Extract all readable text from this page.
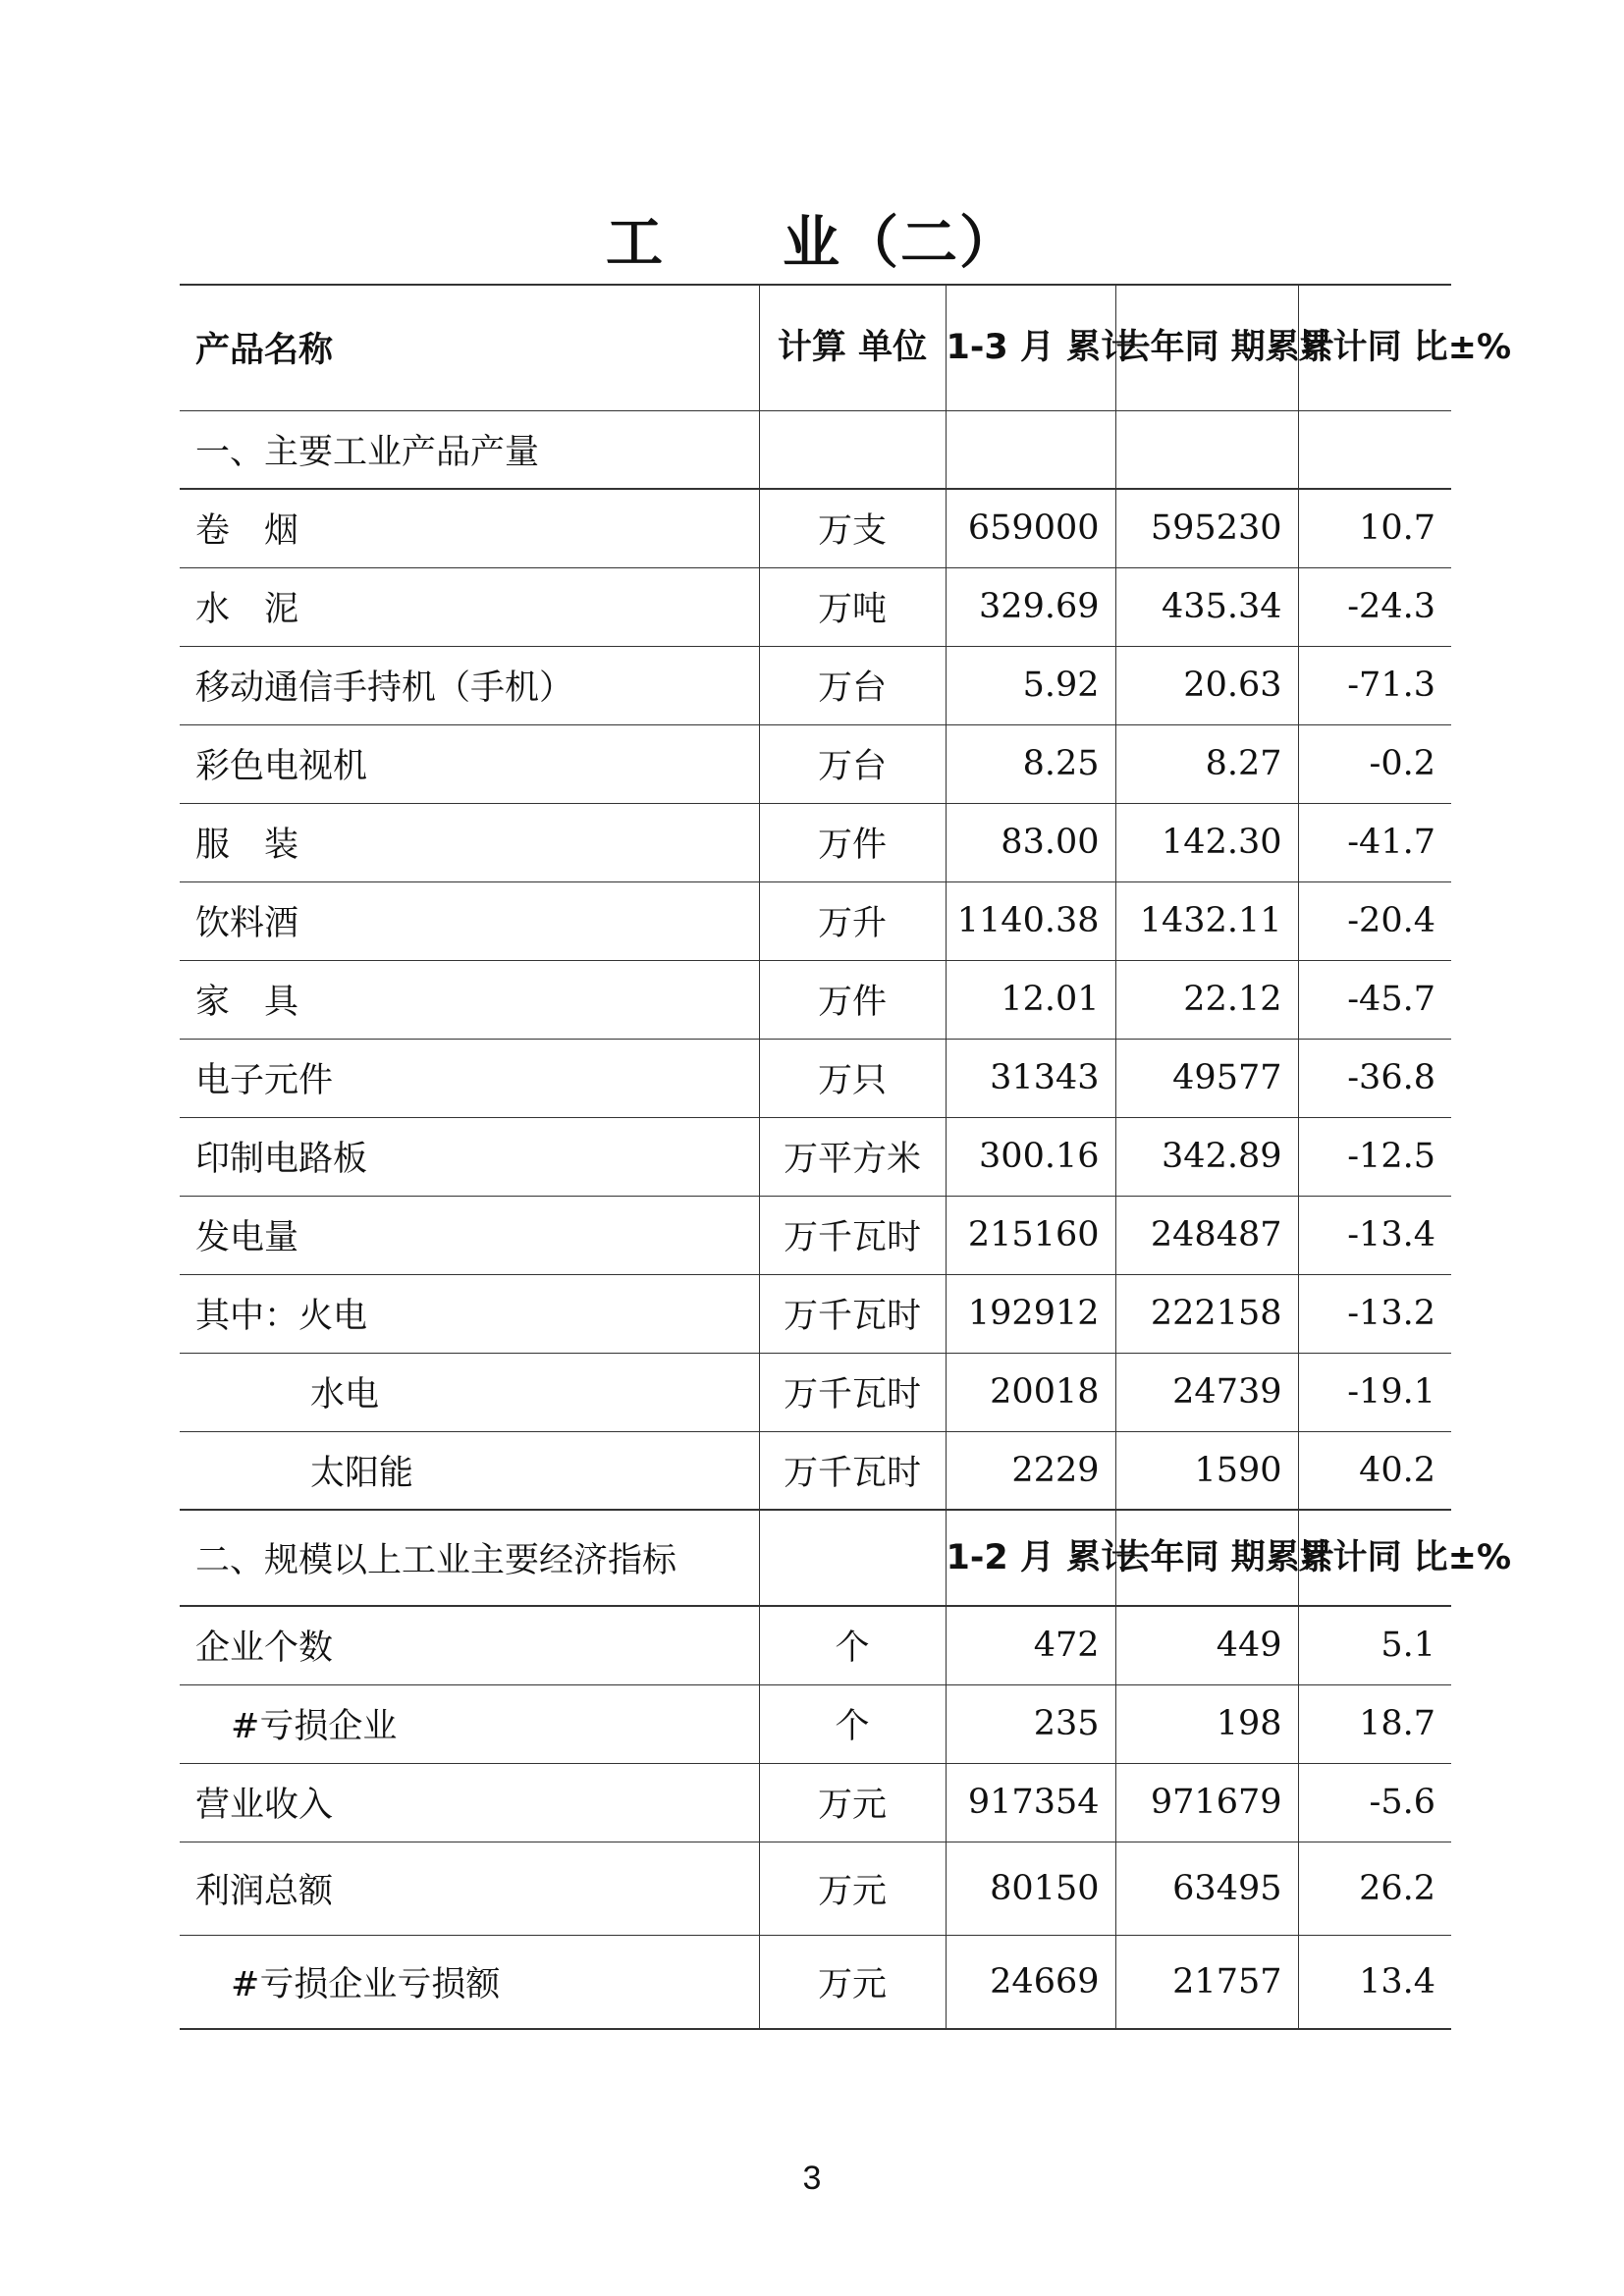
工　　业（二）
产品名称	计算 单位	1-3 月 累计	去年同 期累计	累计同 比±%
一、主要工业产品产量				
卷　烟	万支	659000	595230	10.7
水　泥	万吨	329.69	435.34	-24.3
移动通信手持机（手机）	万台	5.92	20.63	-71.3
彩色电视机	万台	8.25	8.27	-0.2
服　装	万件	83.00	142.30	-41.7
饮料酒	万升	1140.38	1432.11	-20.4
家　具	万件	12.01	22.12	-45.7
电子元件	万只	31343	49577	-36.8
印制电路板	万平方米	300.16	342.89	-12.5
发电量	万千瓦时	215160	248487	-13.4
其中：火电	万千瓦时	192912	222158	-13.2
水电	万千瓦时	20018	24739	-19.1
太阳能	万千瓦时	2229	1590	40.2
二、规模以上工业主要经济指标		1-2 月 累计	去年同 期累计	累计同 比±%
企业个数	个	472	449	5.1
#亏损企业	个	235	198	18.7
营业收入	万元	917354	971679	-5.6
利润总额	万元	80150	63495	26.2
#亏损企业亏损额	万元	24669	21757	13.4
3
